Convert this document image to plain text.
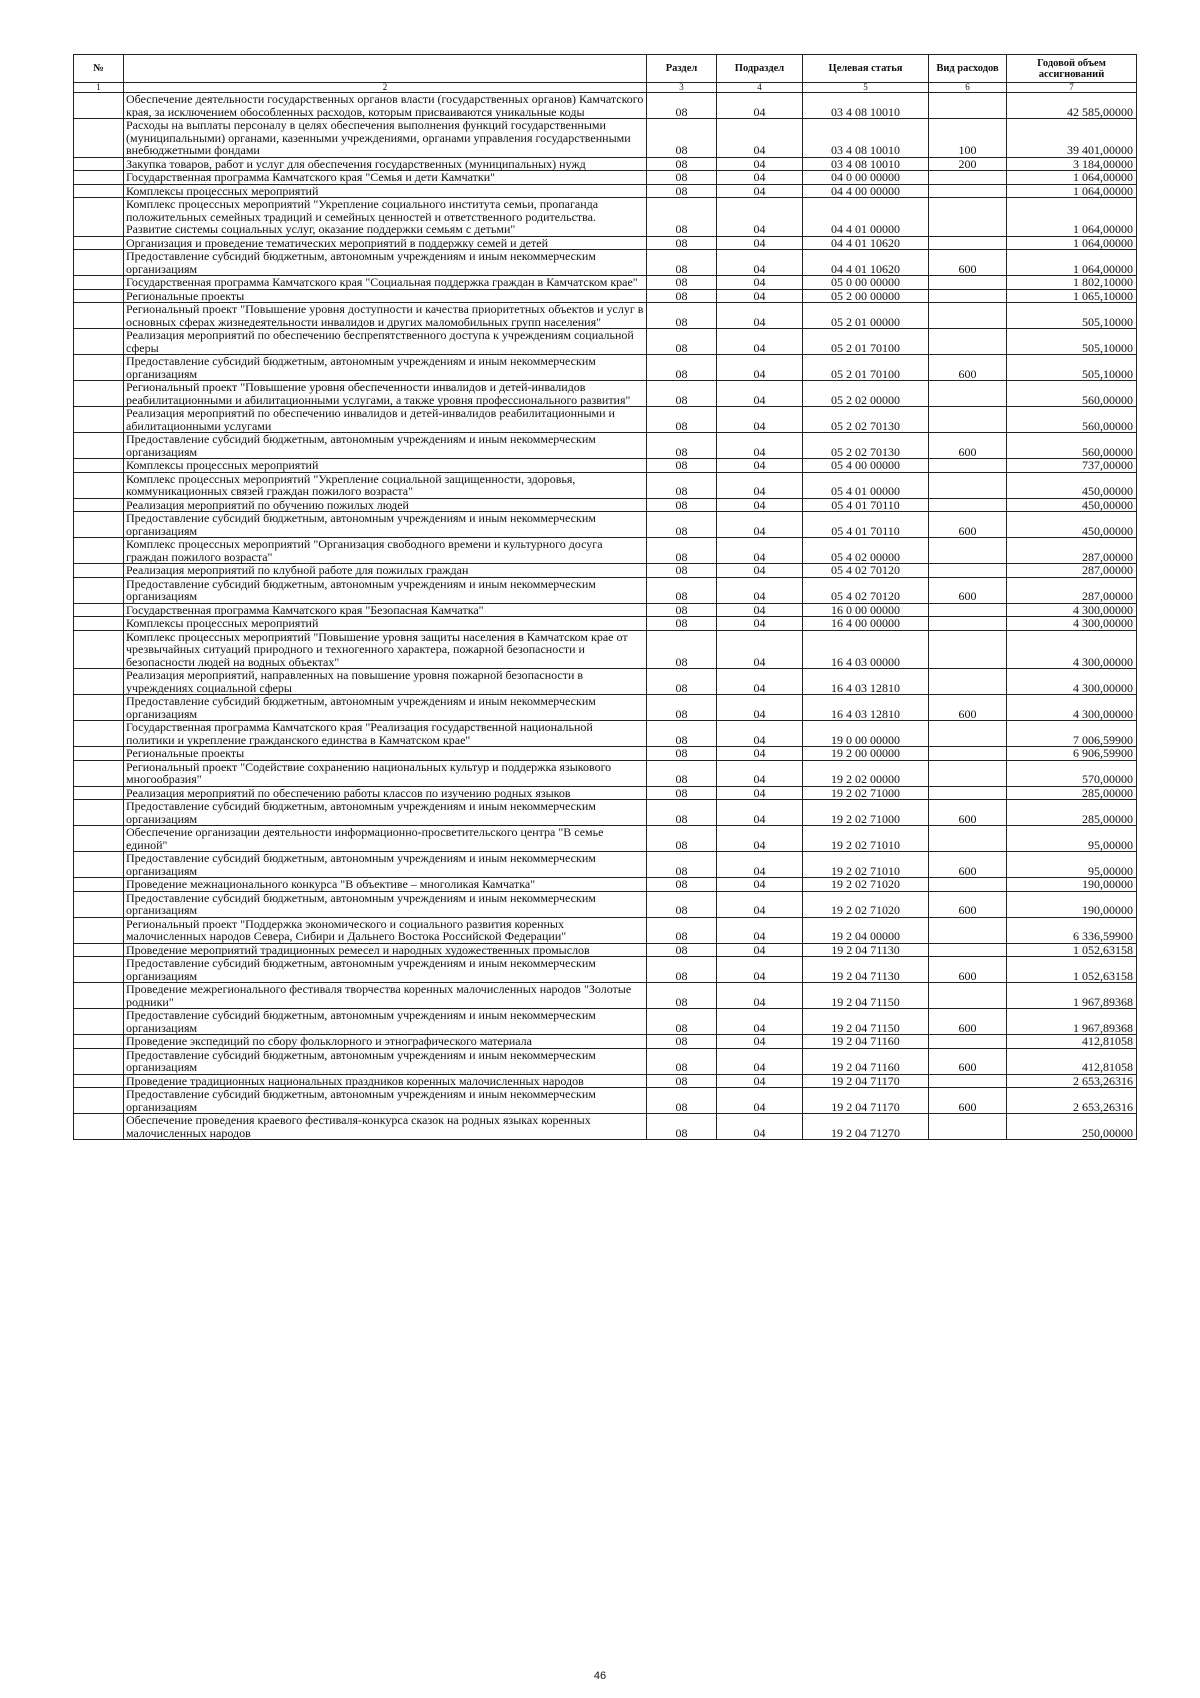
№		Раздел	Подраздел	Целевая статья	Вид расходов	Годовой объем ассигнований
1	2	3	4	5	6	7
	Обеспечение деятельности государственных органов власти (государственных органов) Камчатского края, за исключением обособленных расходов, которым присваиваются уникальные коды	08	04	03 4 08 10010		42 585,00000
	Расходы на выплаты персоналу в целях обеспечения выполнения функций государственными (муниципальными) органами, казенными учреждениями, органами управления государственными внебюджетными фондами	08	04	03 4 08 10010	100	39 401,00000
	Закупка товаров, работ и услуг для обеспечения государственных (муниципальных) нужд	08	04	03 4 08 10010	200	3 184,00000
	Государственная программа Камчатского края "Семья и дети Камчатки"	08	04	04 0 00 00000		1 064,00000
	Комплексы процессных мероприятий	08	04	04 4 00 00000		1 064,00000
	Комплекс процессных мероприятий "Укрепление социального института семьи, пропаганда положительных семейных традиций и семейных ценностей и ответственного родительства. Развитие системы социальных услуг, оказание поддержки семьям с детьми"	08	04	04 4 01 00000		1 064,00000
	Организация и проведение тематических мероприятий в поддержку семей и детей	08	04	04 4 01 10620		1 064,00000
	Предоставление субсидий бюджетным, автономным учреждениям и иным некоммерческим организациям	08	04	04 4 01 10620	600	1 064,00000
	Государственная программа Камчатского края "Социальная поддержка граждан в Камчатском крае"	08	04	05 0 00 00000		1 802,10000
	Региональные проекты	08	04	05 2 00 00000		1 065,10000
	Региональный проект "Повышение уровня доступности и качества приоритетных объектов и услуг в основных сферах жизнедеятельности инвалидов и других маломобильных групп населения"	08	04	05 2 01 00000		505,10000
	Реализация мероприятий по обеспечению беспрепятственного доступа к учреждениям социальной сферы	08	04	05 2 01 70100		505,10000
	Предоставление субсидий бюджетным, автономным учреждениям и иным некоммерческим организациям	08	04	05 2 01 70100	600	505,10000
	Региональный проект "Повышение уровня обеспеченности инвалидов и детей-инвалидов реабилитационными и абилитационными услугами, а также уровня профессионального развития"	08	04	05 2 02 00000		560,00000
	Реализация мероприятий по обеспечению инвалидов и детей-инвалидов реабилитационными и абилитационными услугами	08	04	05 2 02 70130		560,00000
	Предоставление субсидий бюджетным, автономным учреждениям и иным некоммерческим организациям	08	04	05 2 02 70130	600	560,00000
	Комплексы процессных мероприятий	08	04	05 4 00 00000		737,00000
	Комплекс процессных мероприятий "Укрепление социальной защищенности, здоровья, коммуникационных связей граждан пожилого возраста"	08	04	05 4 01 00000		450,00000
	Реализация мероприятий по обучению пожилых людей	08	04	05 4 01 70110		450,00000
	Предоставление субсидий бюджетным, автономным учреждениям и иным некоммерческим организациям	08	04	05 4 01 70110	600	450,00000
	Комплекс процессных мероприятий "Организация свободного времени и культурного досуга граждан пожилого возраста"	08	04	05 4 02 00000		287,00000
	Реализация мероприятий по клубной работе для пожилых граждан	08	04	05 4 02 70120		287,00000
	Предоставление субсидий бюджетным, автономным учреждениям и иным некоммерческим организациям	08	04	05 4 02 70120	600	287,00000
	Государственная программа Камчатского края "Безопасная Камчатка"	08	04	16 0 00 00000		4 300,00000
	Комплексы процессных мероприятий	08	04	16 4 00 00000		4 300,00000
	Комплекс процессных мероприятий "Повышение уровня защиты населения в Камчатском крае от чрезвычайных ситуаций природного и техногенного характера, пожарной безопасности и безопасности людей на водных объектах"	08	04	16 4 03 00000		4 300,00000
	Реализация мероприятий, направленных на повышение уровня пожарной безопасности в учреждениях социальной сферы	08	04	16 4 03 12810		4 300,00000
	Предоставление субсидий бюджетным, автономным учреждениям и иным некоммерческим организациям	08	04	16 4 03 12810	600	4 300,00000
	Государственная программа Камчатского края "Реализация государственной национальной политики и укрепление гражданского единства в Камчатском крае"	08	04	19 0 00 00000		7 006,59900
	Региональные проекты	08	04	19 2 00 00000		6 906,59900
	Региональный проект "Содействие сохранению национальных культур и поддержка языкового многообразия"	08	04	19 2 02 00000		570,00000
	Реализация мероприятий по обеспечению работы классов по изучению родных языков	08	04	19 2 02 71000		285,00000
	Предоставление субсидий бюджетным, автономным учреждениям и иным некоммерческим организациям	08	04	19 2 02 71000	600	285,00000
	Обеспечение организации деятельности информационно-просветительского центра "В семье единой"	08	04	19 2 02 71010		95,00000
	Предоставление субсидий бюджетным, автономным учреждениям и иным некоммерческим организациям	08	04	19 2 02 71010	600	95,00000
	Проведение межнационального конкурса "В объективе – многоликая Камчатка"	08	04	19 2 02 71020		190,00000
	Предоставление субсидий бюджетным, автономным учреждениям и иным некоммерческим организациям	08	04	19 2 02 71020	600	190,00000
	Региональный проект "Поддержка экономического и социального развития коренных малочисленных народов Севера, Сибири и Дальнего Востока Российской Федерации"	08	04	19 2 04 00000		6 336,59900
	Проведение мероприятий традиционных ремесел и народных художественных промыслов	08	04	19 2 04 71130		1 052,63158
	Предоставление субсидий бюджетным, автономным учреждениям и иным некоммерческим организациям	08	04	19 2 04 71130	600	1 052,63158
	Проведение межрегионального фестиваля творчества коренных малочисленных народов "Золотые родники"	08	04	19 2 04 71150		1 967,89368
	Предоставление субсидий бюджетным, автономным учреждениям и иным некоммерческим организациям	08	04	19 2 04 71150	600	1 967,89368
	Проведение экспедиций по сбору фольклорного и этнографического материала	08	04	19 2 04 71160		412,81058
	Предоставление субсидий бюджетным, автономным учреждениям и иным некоммерческим организациям	08	04	19 2 04 71160	600	412,81058
	Проведение традиционных национальных праздников коренных малочисленных народов	08	04	19 2 04 71170		2 653,26316
	Предоставление субсидий бюджетным, автономным учреждениям и иным некоммерческим организациям	08	04	19 2 04 71170	600	2 653,26316
	Обеспечение проведения краевого фестиваля-конкурса сказок на родных языках коренных малочисленных народов	08	04	19 2 04 71270		250,00000
46
